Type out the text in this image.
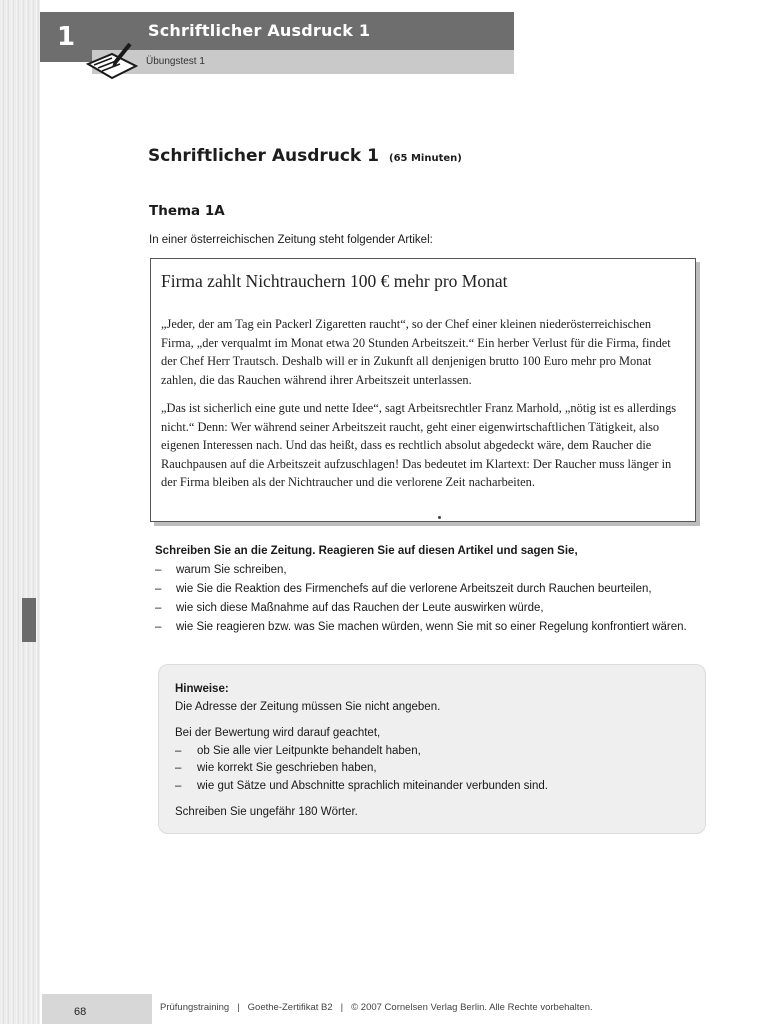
1	Schriftlicher Ausdruck 1
Übungstest 1
Schriftlicher Ausdruck 1 (65 Minuten)
Thema 1A
In einer österreichischen Zeitung steht folgender Artikel:
Firma zahlt Nichtrauchern 100 € mehr pro Monat

„Jeder, der am Tag ein Packerl Zigaretten raucht“, so der Chef einer kleinen niederösterreichischen Firma, „der verqualmt im Monat etwa 20 Stunden Arbeitszeit.“ Ein herber Verlust für die Firma, findet der Chef Herr Trautsch. Deshalb will er in Zukunft all denjenigen brutto 100 Euro mehr pro Monat zahlen, die das Rauchen während ihrer Arbeitszeit unterlassen.

„Das ist sicherlich eine gute und nette Idee“, sagt Arbeitsrechtler Franz Marhold, „nötig ist es allerdings nicht.“ Denn: Wer während seiner Arbeitszeit raucht, geht einer eigenwirtschaftlichen Tätigkeit, also eigenen Interessen nach. Und das heißt, dass es rechtlich absolut abgedeckt wäre, dem Raucher die Rauchpausen auf die Arbeitszeit aufzuschlagen! Das bedeutet im Klartext: Der Raucher muss länger in der Firma bleiben als der Nichtraucher und die verlorene Zeit nacharbeiten.

Schreiben Sie an die Zeitung. Reagieren Sie auf diesen Artikel und sagen Sie,

– warum Sie schreiben,
– wie Sie die Reaktion des Firmenchefs auf die verlorene Arbeitszeit durch Rauchen beurteilen,
– wie sich diese Maßnahme auf das Rauchen der Leute auswirken würde,
– wie Sie reagieren bzw. was Sie machen würden, wenn Sie mit so einer Regelung konfrontiert wären.

Hinweise:

Die Adresse der Zeitung müssen Sie nicht angeben.

Bei der Bewertung wird darauf geachtet,

– ob Sie alle vier Leitpunkte behandelt haben,
– wie korrekt Sie geschrieben haben,
– wie gut Sätze und Abschnitte sprachlich miteinander verbunden sind.

Schreiben Sie ungefähr 180 Wörter.

68	Prüfungstraining | Goethe-Zertifikat B2 | © 2007 Cornelsen Verlag Berlin. Alle Rechte vorbehalten.
